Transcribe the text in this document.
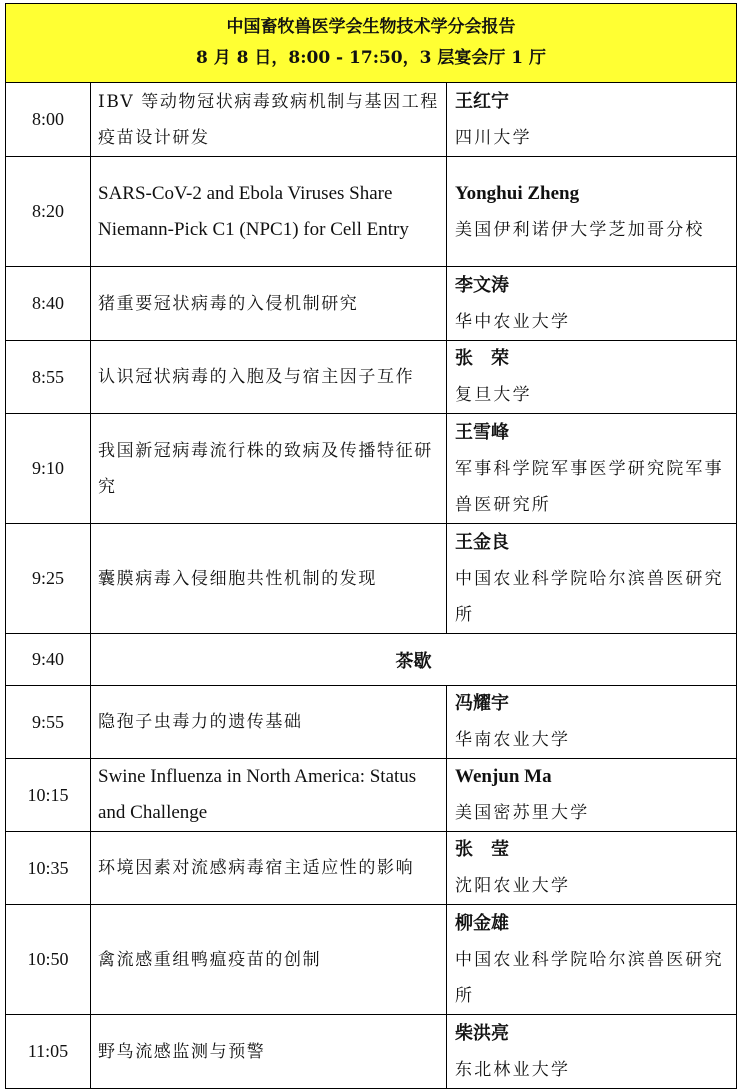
中国畜牧兽医学会生物技术学分会报告
8 月 8 日，8:00 - 17:50，3 层宴会厅 1 厅		

8:00	IBV 等动物冠状病毒致病机制与基因工程疫苗设计研发	王红宁
四川大学

8:20	SARS-CoV-2 and Ebola Viruses Share Niemann-Pick C1 (NPC1) for Cell Entry	Yonghui Zheng
美国伊利诺伊大学芝加哥分校

8:40	猪重要冠状病毒的入侵机制研究	李文涛
华中农业大学

8:55	认识冠状病毒的入胞及与宿主因子互作	张　荣
复旦大学

9:10	我国新冠病毒流行株的致病及传播特征研究	王雪峰
军事科学院军事医学研究院军事兽医研究所

9:25	囊膜病毒入侵细胞共性机制的发现	王金良
中国农业科学院哈尔滨兽医研究所

9:40	茶歇	
9:55	隐孢子虫毒力的遗传基础	冯耀宇
华南农业大学

10:15	Swine Influenza in North America: Status and Challenge	Wenjun Ma
美国密苏里大学

10:35	环境因素对流感病毒宿主适应性的影响	张　莹
沈阳农业大学

10:50	禽流感重组鸭瘟疫苗的创制	柳金雄
中国农业科学院哈尔滨兽医研究所

11:05	野鸟流感监测与预警	柴洪亮
东北林业大学
